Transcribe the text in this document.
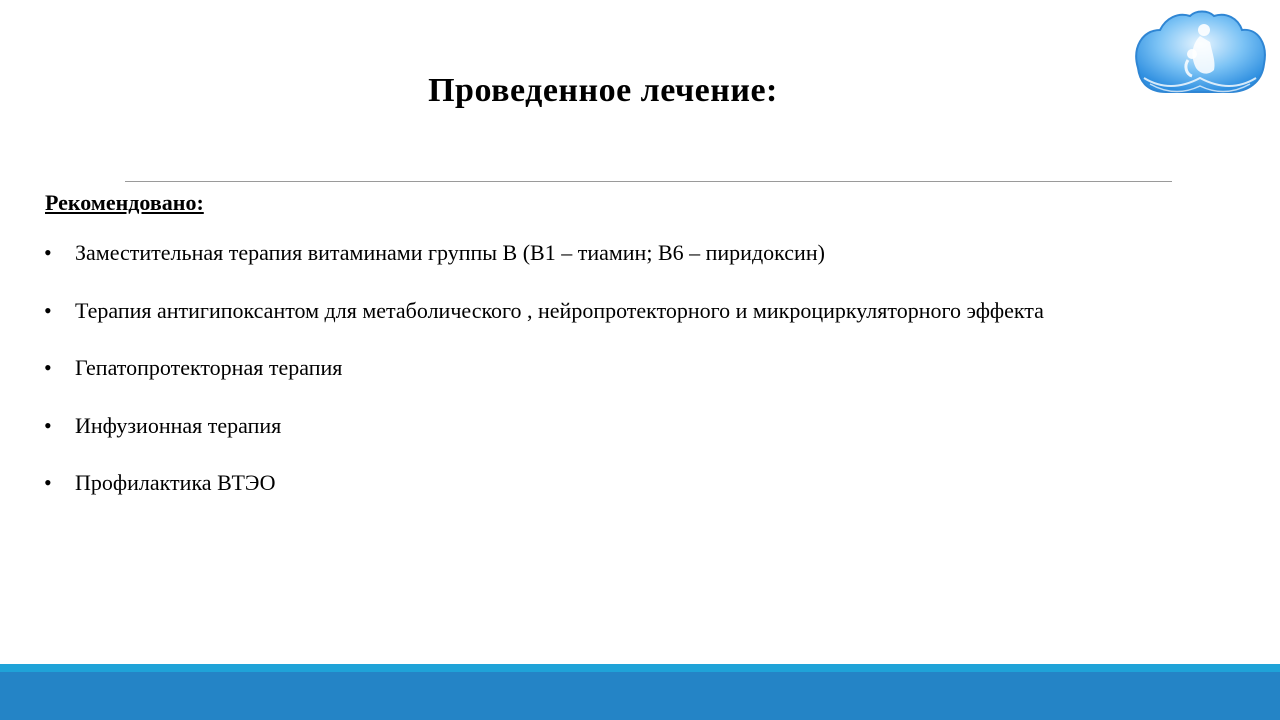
Проведенное лечение:

Рекомендовано:

•	Заместительная терапия витаминами группы В (В1 – тиамин; В6 – пиридоксин)
•	Терапия антигипоксантом для метаболического , нейропротекторного и микроциркуляторного эффекта
•	Гепатопротекторная терапия
•	Инфузионная терапия
•	Профилактика ВТЭО
